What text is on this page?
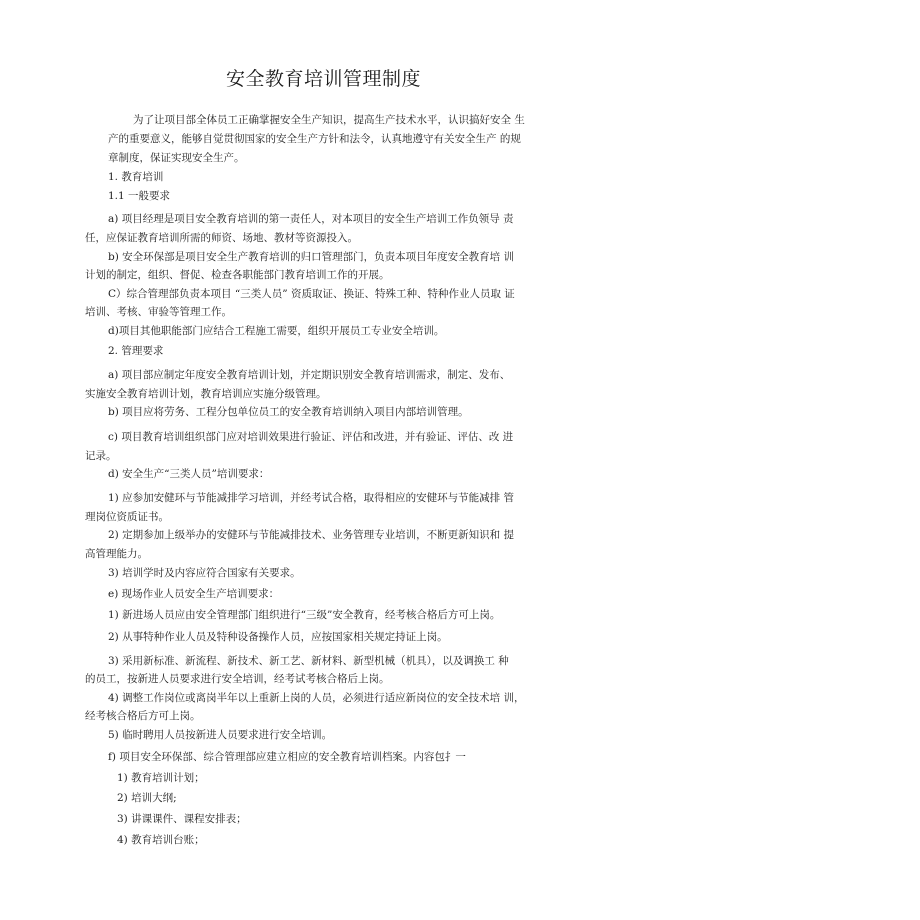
安全教育培训管理制度
为了让项目部全体员工正确掌握安全生产知识，提高生产技术水平，认识搞好安全 生
产的重要意义，能够自觉贯彻国家的安全生产方针和法令，认真地遵守有关安全生产 的规
章制度，保证实现安全生产。
1. 教育培训
1.1 一般要求
a) 项目经理是项目安全教育培训的第一责任人，对本项目的安全生产培训工作负领导 责
任，应保证教育培训所需的师资、场地、教材等资源投入。
b) 安全环保部是项目安全生产教育培训的归口管理部门，负责本项目年度安全教育培 训
计划的制定，组织、督促、检查各职能部门教育培训工作的开展。
C）综合管理部负责本项目 “三类人员” 资质取证、换证、特殊工种、特种作业人员取 证
培训、考核、审验等管理工作。
d)项目其他职能部门应结合工程施工需要，组织开展员工专业安全培训。
2. 管理要求
a) 项目部应制定年度安全教育培训计划，并定期识别安全教育培训需求，制定、发布、
实施安全教育培训计划，教育培训应实施分级管理。
b) 项目应将劳务、工程分包单位员工的安全教育培训纳入项目内部培训管理。
c) 项目教育培训组织部门应对培训效果进行验证、评估和改进，并有验证、评估、改 进
记录。
d) 安全生产“三类人员”培训要求：
1) 应参加安健环与节能减排学习培训，并经考试合格，取得相应的安健环与节能减排 管
理岗位资质证书。
2) 定期参加上级举办的安健环与节能减排技术、业务管理专业培训，不断更新知识和 提
高管理能力。
3) 培训学时及内容应符合国家有关要求。
e) 现场作业人员安全生产培训要求：
1) 新进场人员应由安全管理部门组织进行“三级”安全教育，经考核合格后方可上岗。
2) 从事特种作业人员及特种设备操作人员，应按国家相关规定持证上岗。
3) 采用新标准、新流程、新技术、新工艺、新材料、新型机械（机具），以及调换工 种
的员工，按新进人员要求进行安全培训，经考试考核合格后上岗。
4) 调整工作岗位或离岗半年以上重新上岗的人员，必须进行适应新岗位的安全技术培 训，
经考核合格后方可上岗。
5) 临时聘用人员按新进人员要求进行安全培训。
f) 项目安全环保部、综合管理部应建立相应的安全教育培训档案。内容包扌一
1) 教育培训计划；
2) 培训大纲;
3) 讲课课件、课程安排表；
4) 教育培训台账；
